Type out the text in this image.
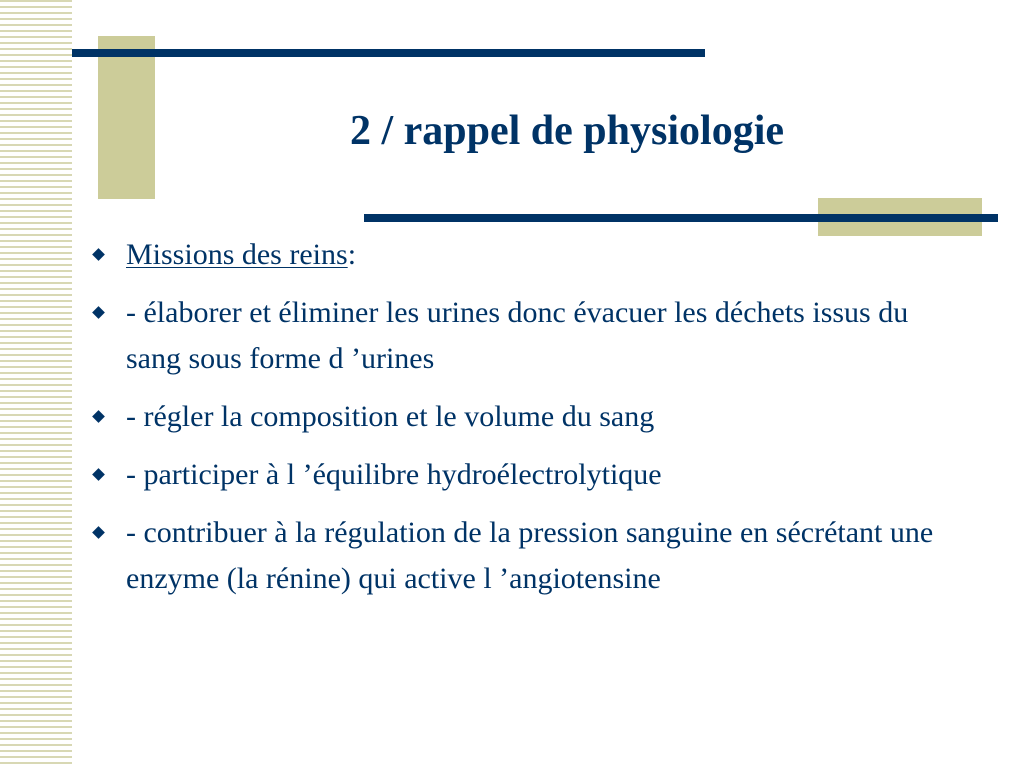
2 / rappel de physiologie
Missions des reins:
- élaborer et éliminer les urines donc évacuer les déchets issus du sang sous forme d ’urines
- régler la composition et le volume du sang
- participer à l ’équilibre hydroélectrolytique
- contribuer à la régulation de la pression sanguine en sécrétant une enzyme (la rénine) qui active l ’angiotensine
